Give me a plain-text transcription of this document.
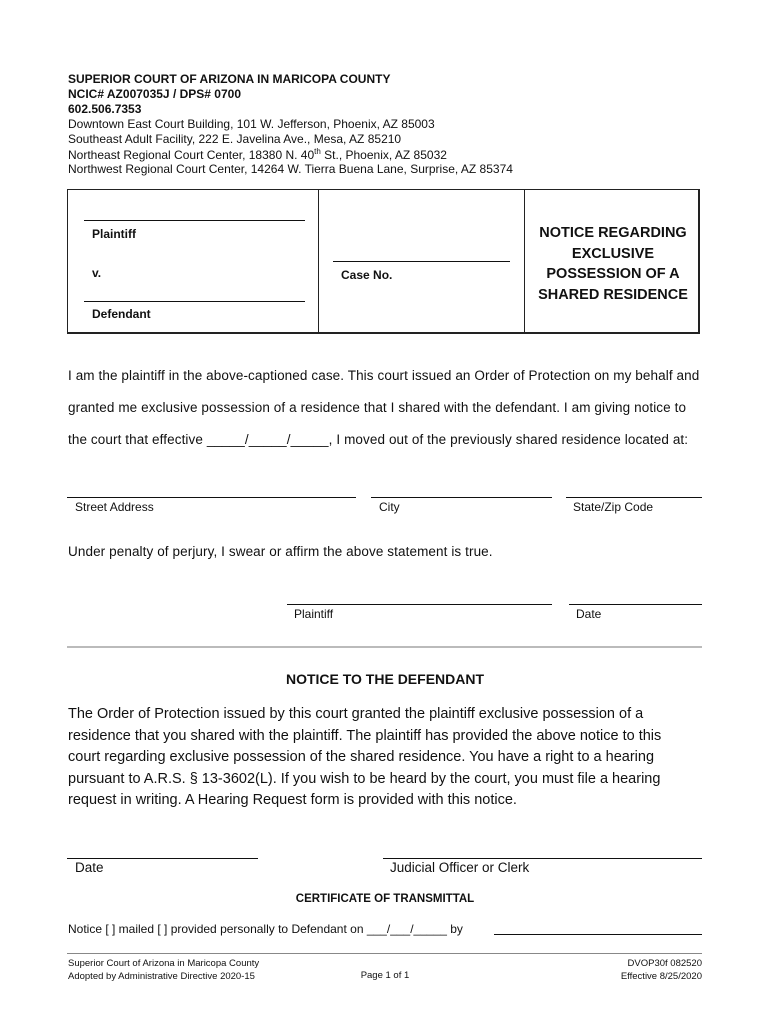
SUPERIOR COURT OF ARIZONA IN MARICOPA COUNTY
NCIC# AZ007035J / DPS# 0700
602.506.7353
Downtown East Court Building, 101 W. Jefferson, Phoenix, AZ 85003
Southeast Adult Facility, 222 E. Javelina Ave., Mesa, AZ 85210
Northeast Regional Court Center, 18380 N. 40th St., Phoenix, AZ 85032
Northwest Regional Court Center, 14264 W. Tierra Buena Lane, Surprise, AZ 85374
Plaintiff
v.
Defendant
Case No.
NOTICE REGARDING
EXCLUSIVE
POSSESSION OF A
SHARED RESIDENCE
I am the plaintiff in the above-captioned case. This court issued an Order of Protection on my behalf and
granted me exclusive possession of a residence that I shared with the defendant. I am giving notice to
the court that effective _____/_____/_____, I moved out of the previously shared residence located at:
Street Address	City	State/Zip Code
Under penalty of perjury, I swear or affirm the above statement is true.
Plaintiff	Date
NOTICE TO THE DEFENDANT
The Order of Protection issued by this court granted the plaintiff exclusive possession of a
residence that you shared with the plaintiff. The plaintiff has provided the above notice to this
court regarding exclusive possession of the shared residence. You have a right to a hearing
pursuant to A.R.S. § 13-3602(L). If you wish to be heard by the court, you must file a hearing
request in writing. A Hearing Request form is provided with this notice.
Date	Judicial Officer or Clerk
CERTIFICATE OF TRANSMITTAL
Notice [ ] mailed [ ] provided personally to Defendant on ___/___/_____ by
Superior Court of Arizona in Maricopa County
Adopted by Administrative Directive 2020-15	Page 1 of 1
DVOP30f 082520
Effective 8/25/2020
